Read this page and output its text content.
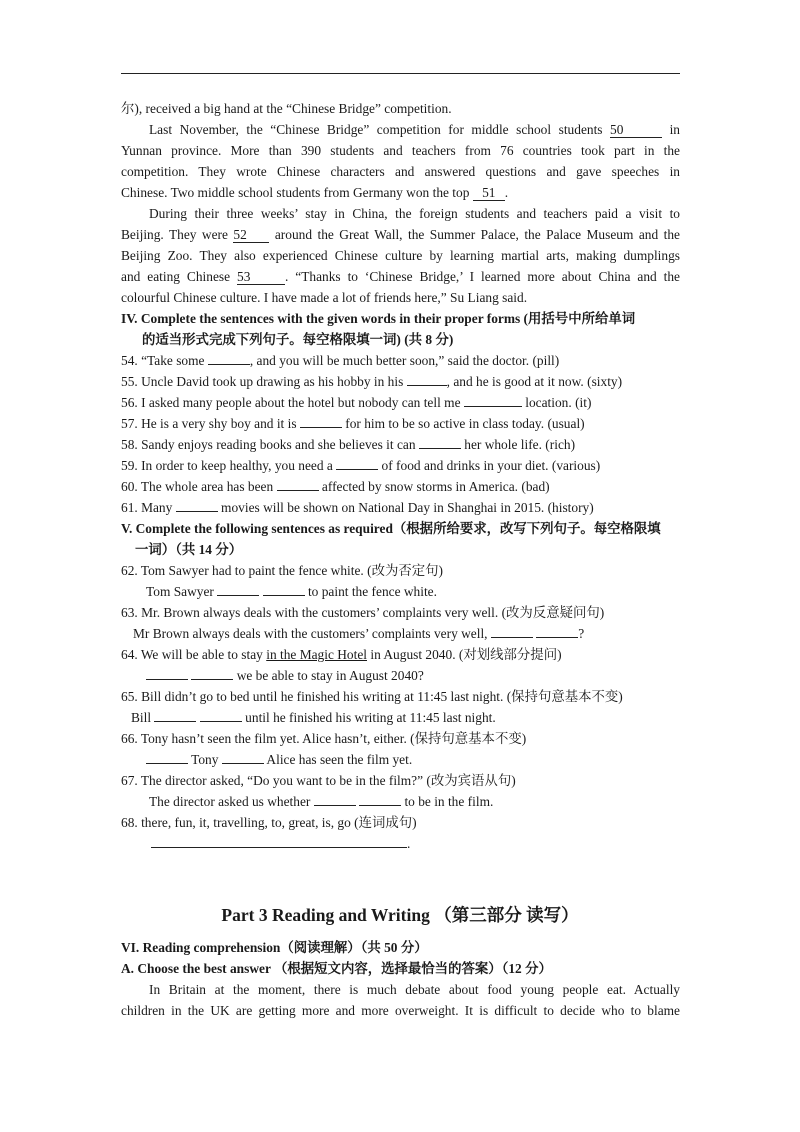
尔), received a big hand at the “Chinese Bridge” competition.
Last November, the “Chinese Bridge” competition for middle school students 50	in
Yunnan province. More than 390 students and teachers from 76 countries took part in the
competition. They wrote Chinese characters and answered questions and gave speeches in
Chinese. Two middle school students from Germany won the top 51 .
During their three weeks’ stay in China, the foreign students and teachers paid a visit to
Beijing. They were 52 around the Great Wall, the Summer Palace, the Palace Museum and the
Beijing Zoo. They also experienced Chinese culture by learning martial arts, making dumplings
and eating Chinese 53	. “Thanks to ‘Chinese Bridge,’ I learned more about China and the
colourful Chinese culture. I have made a lot of friends here,” Su Liang said.
IV. Complete the sentences with the given words in their proper forms (用括号中所给单词
的适当形式完成下列句子。每空格限填一词) (共 8 分)
54. “Take some	, and you will be much better soon,” said the doctor. (pill)
55. Uncle David took up drawing as his hobby in his	, and he is good at it now. (sixty)
56. I asked many people about the hotel but nobody can tell me	location. (it)
57. He is a very shy boy and it is	for him to be so active in class today. (usual)
58. Sandy enjoys reading books and she believes it can	her whole life. (rich)
59. In order to keep healthy, you need a	of food and drinks in your diet. (various)
60. The whole area has been	affected by snow storms in America. (bad)
61. Many	movies will be shown on National Day in Shanghai in 2015. (history)
V. Complete the following sentences as required（根据所给要求，改写下列句子。每空格限填
一词）（共 14 分）
62. Tom Sawyer had to paint the fence white. (改为否定句)
Tom Sawyer	to paint the fence white.
63. Mr. Brown always deals with the customers’ complaints very well. (改为反意疑问句)
Mr Brown always deals with the customers’ complaints very well,	?
64. We will be able to stay in the Magic Hotel in August 2040. (对划线部分提问)
we be able to stay in August 2040?
65. Bill didn’t go to bed until he finished his writing at 11:45 last night. (保持句意基本不变)
Bill	until he finished his writing at 11:45 last night.
66. Tony hasn’t seen the film yet. Alice hasn’t, either. (保持句意基本不变)
Tony	Alice has seen the film yet.
67. The director asked, “Do you want to be in the film?” (改为宾语从句)
The director asked us whether	to be in the film.
68. there, fun, it, travelling, to, great, is, go (连词成句)
.
Part 3 Reading and Writing （第三部分 读写）
VI. Reading comprehension（阅读理解）（共 50 分）
A. Choose the best answer （根据短文内容，选择最恰当的答案）（12 分）
In Britain at the moment, there is much debate about food young people eat. Actually
children in the UK are getting more and more overweight. It is difficult to decide who to blame
